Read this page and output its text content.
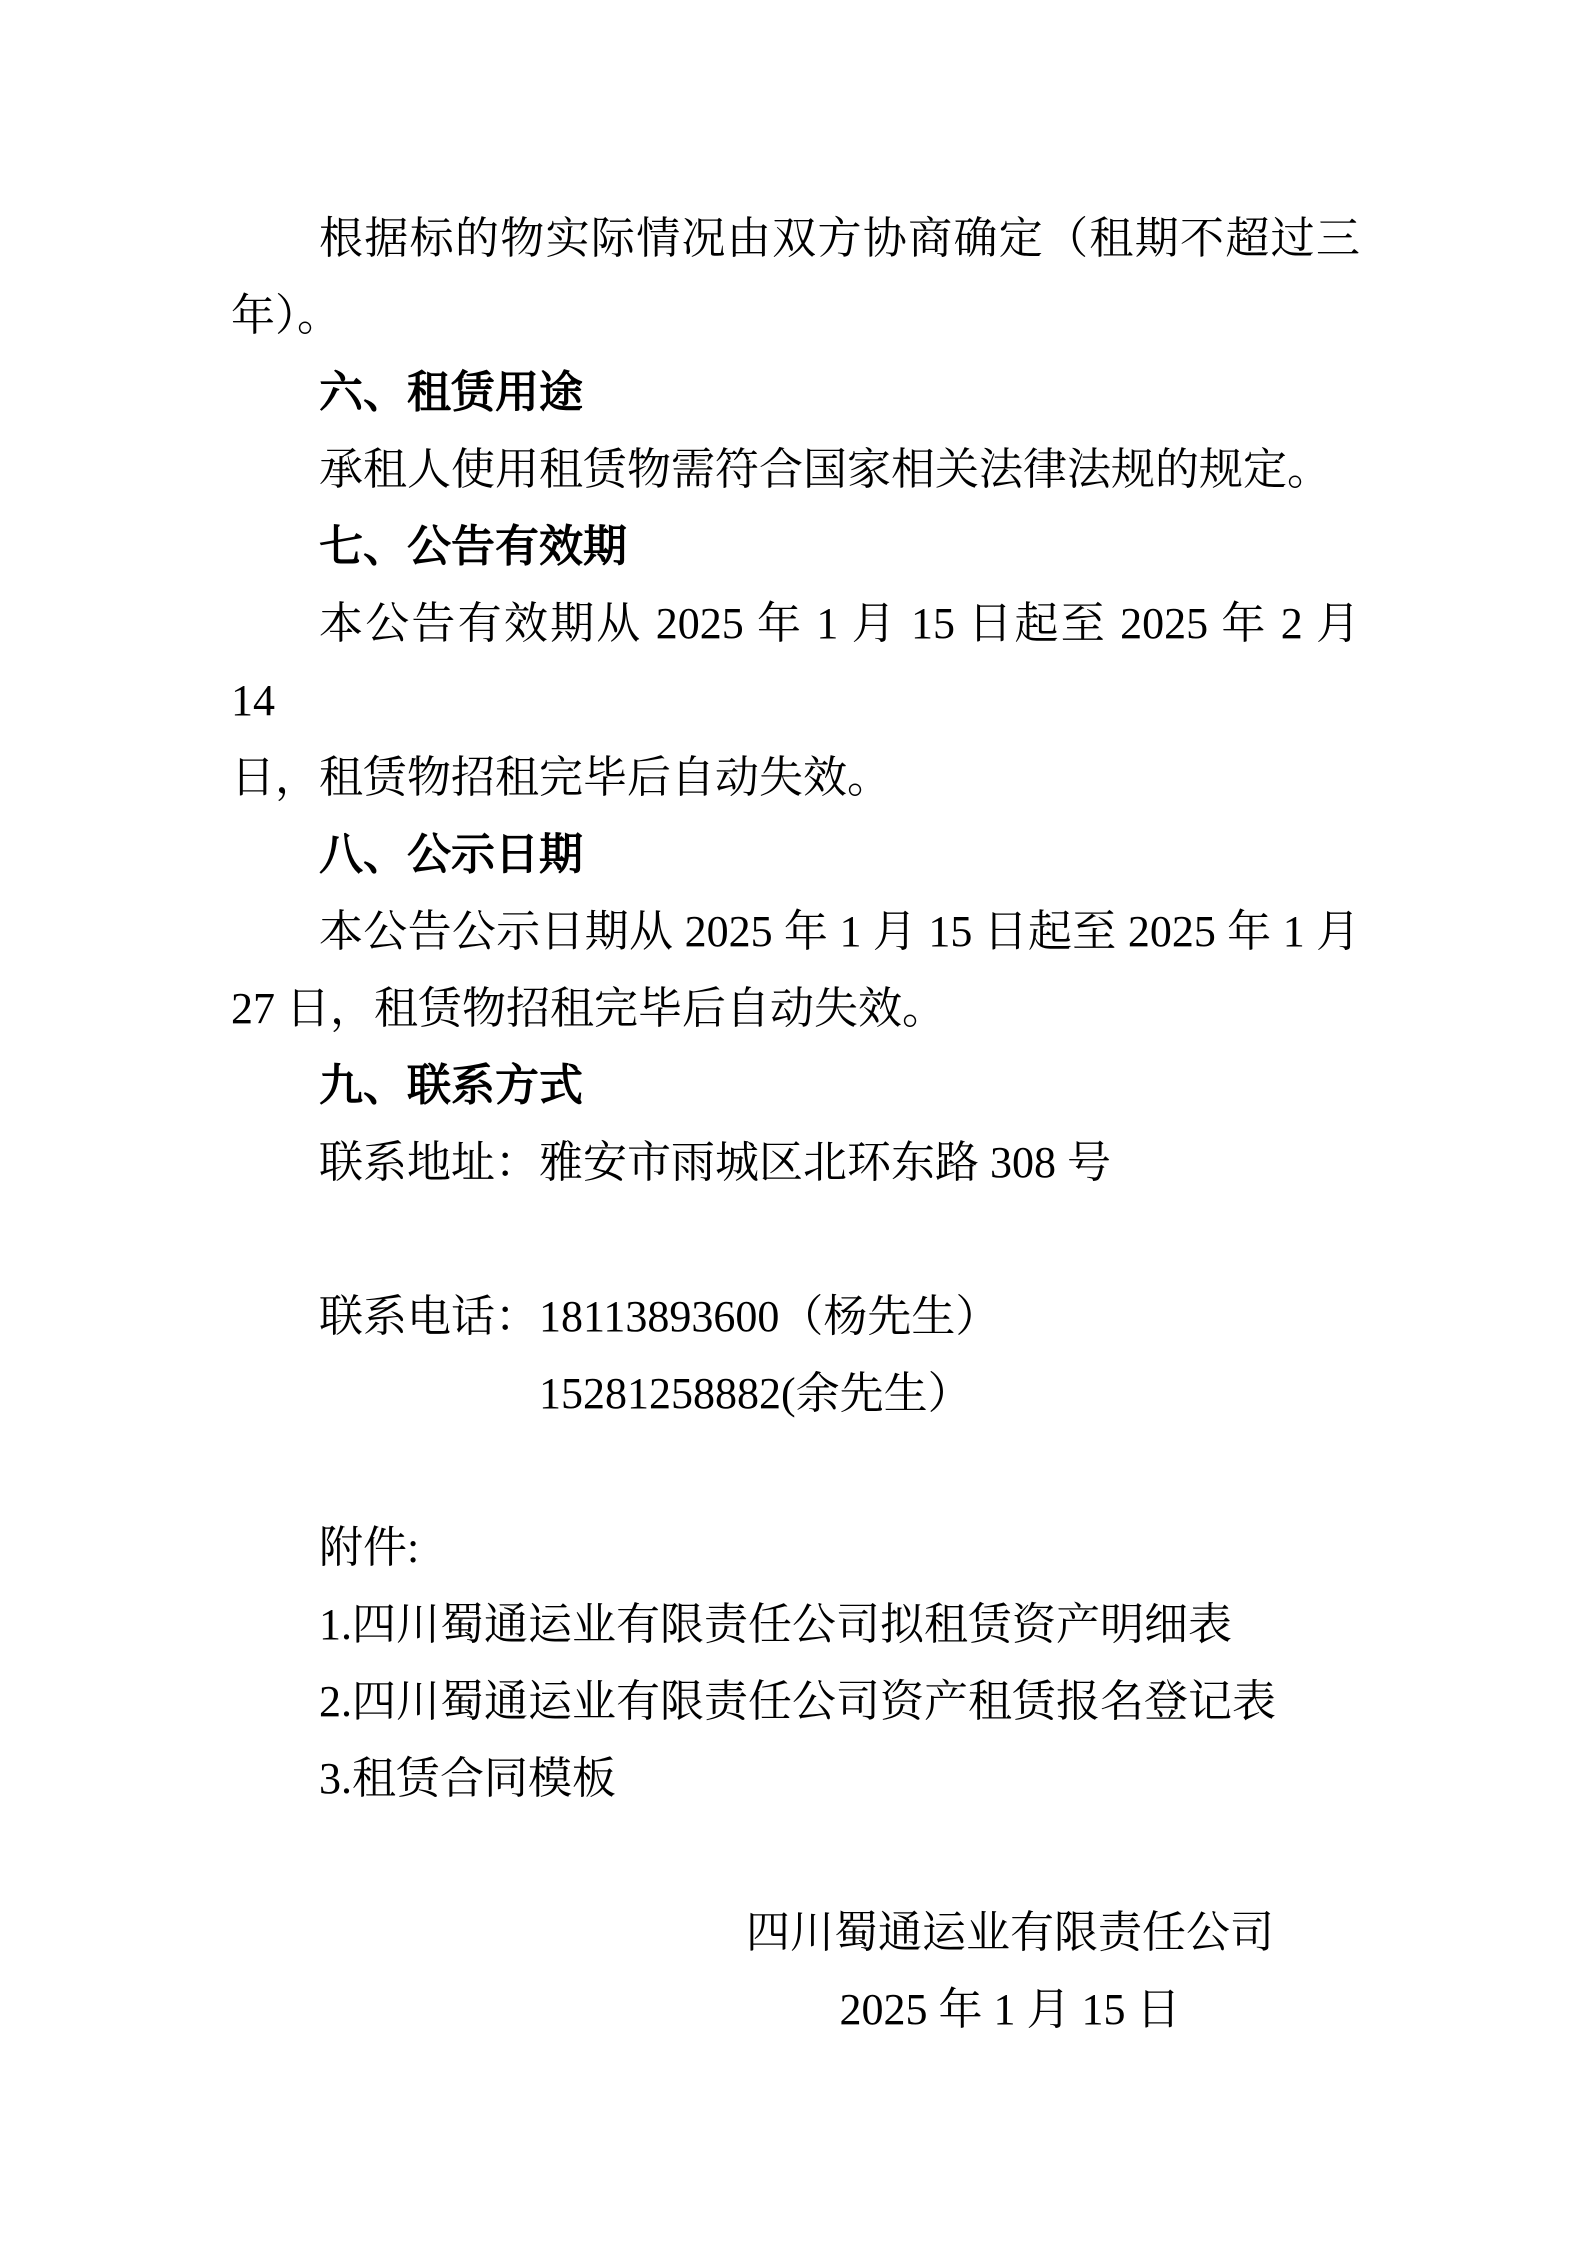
根据标的物实际情况由双方协商确定（租期不超过三

年）。

六、租赁用途

承租人使用租赁物需符合国家相关法律法规的规定。

七、公告有效期

本公告有效期从 2025 年 1 月 15 日起至 2025 年 2 月 14

日，租赁物招租完毕后自动失效。

八、公示日期

本公告公示日期从 2025 年 1 月 15 日起至 2025 年 1 月

27 日，租赁物招租完毕后自动失效。

九、联系方式

联系地址：雅安市雨城区北环东路 308 号

联系电话：18113893600（杨先生）

15281258882(余先生）

附件:

1.四川蜀通运业有限责任公司拟租赁资产明细表

2.四川蜀通运业有限责任公司资产租赁报名登记表

3.租赁合同模板

四川蜀通运业有限责任公司

2025 年 1 月 15 日
